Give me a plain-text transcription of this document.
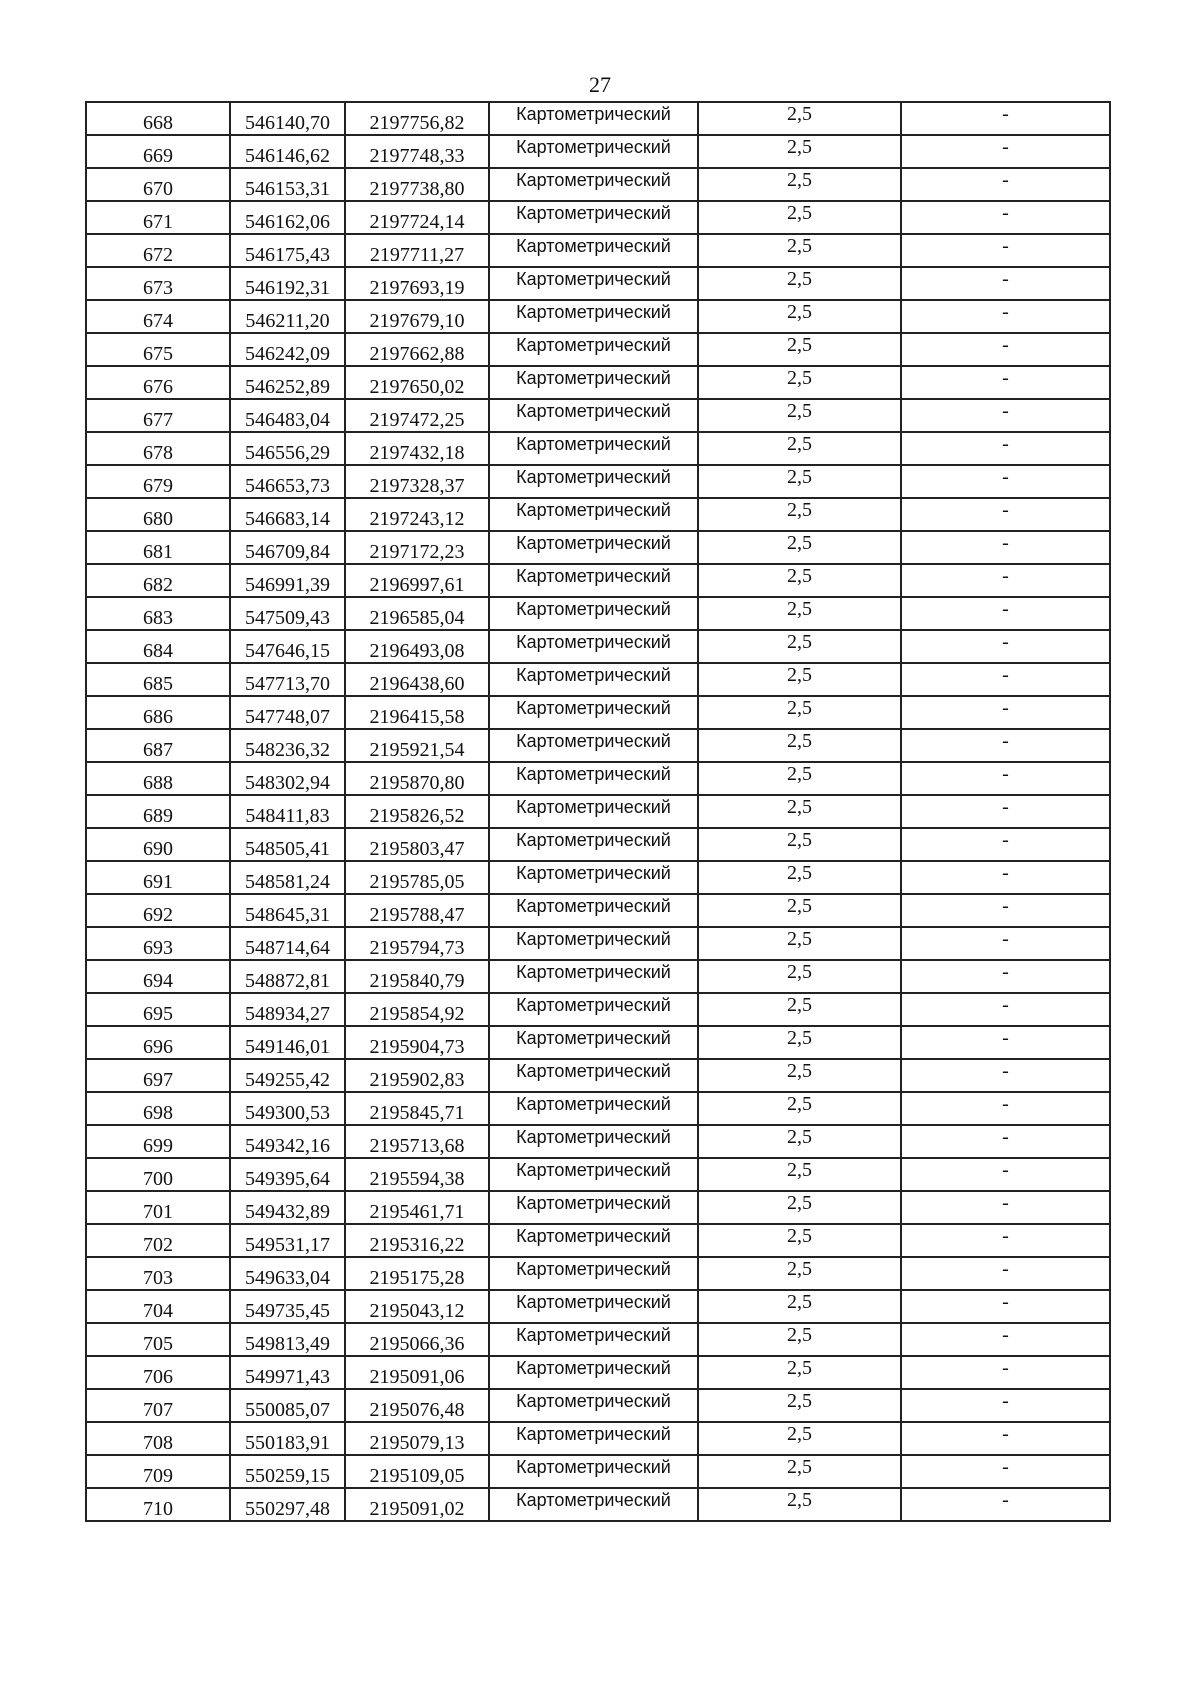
27
668	546140,70	2197756,82	Картометрический	2,5	-
669	546146,62	2197748,33	Картометрический	2,5	-
670	546153,31	2197738,80	Картометрический	2,5	-
671	546162,06	2197724,14	Картометрический	2,5	-
672	546175,43	2197711,27	Картометрический	2,5	-
673	546192,31	2197693,19	Картометрический	2,5	-
674	546211,20	2197679,10	Картометрический	2,5	-
675	546242,09	2197662,88	Картометрический	2,5	-
676	546252,89	2197650,02	Картометрический	2,5	-
677	546483,04	2197472,25	Картометрический	2,5	-
678	546556,29	2197432,18	Картометрический	2,5	-
679	546653,73	2197328,37	Картометрический	2,5	-
680	546683,14	2197243,12	Картометрический	2,5	-
681	546709,84	2197172,23	Картометрический	2,5	-
682	546991,39	2196997,61	Картометрический	2,5	-
683	547509,43	2196585,04	Картометрический	2,5	-
684	547646,15	2196493,08	Картометрический	2,5	-
685	547713,70	2196438,60	Картометрический	2,5	-
686	547748,07	2196415,58	Картометрический	2,5	-
687	548236,32	2195921,54	Картометрический	2,5	-
688	548302,94	2195870,80	Картометрический	2,5	-
689	548411,83	2195826,52	Картометрический	2,5	-
690	548505,41	2195803,47	Картометрический	2,5	-
691	548581,24	2195785,05	Картометрический	2,5	-
692	548645,31	2195788,47	Картометрический	2,5	-
693	548714,64	2195794,73	Картометрический	2,5	-
694	548872,81	2195840,79	Картометрический	2,5	-
695	548934,27	2195854,92	Картометрический	2,5	-
696	549146,01	2195904,73	Картометрический	2,5	-
697	549255,42	2195902,83	Картометрический	2,5	-
698	549300,53	2195845,71	Картометрический	2,5	-
699	549342,16	2195713,68	Картометрический	2,5	-
700	549395,64	2195594,38	Картометрический	2,5	-
701	549432,89	2195461,71	Картометрический	2,5	-
702	549531,17	2195316,22	Картометрический	2,5	-
703	549633,04	2195175,28	Картометрический	2,5	-
704	549735,45	2195043,12	Картометрический	2,5	-
705	549813,49	2195066,36	Картометрический	2,5	-
706	549971,43	2195091,06	Картометрический	2,5	-
707	550085,07	2195076,48	Картометрический	2,5	-
708	550183,91	2195079,13	Картометрический	2,5	-
709	550259,15	2195109,05	Картометрический	2,5	-
710	550297,48	2195091,02	Картометрический	2,5	-
